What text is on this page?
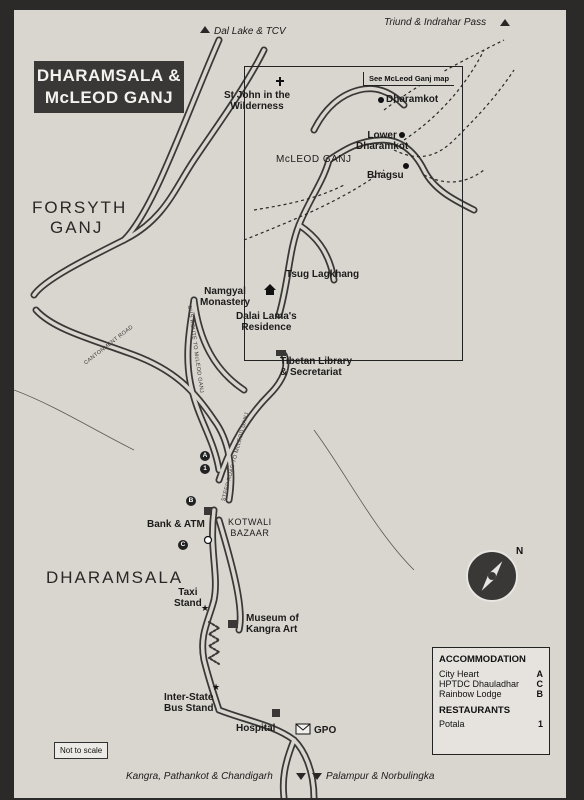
★
★
DHARAMSALA &
McLEOD GANJ
See McLeod Ganj map
Dal Lake & TCV
Triund & Indrahar Pass
Kangra, Pathankot & Chandigarh	Palampur & Norbulingka
FORSYTH
GANJ
McLEOD GANJ
DHARAMSALA
KOTWALI
BAZAAR
St John in the
Wilderness
Dharamkot
Lower
Dharamkot
Bhagsu
Tsug Lagkhang
Namgyal
Monastery
Dalai Lama's
Residence
Tibetan Library
& Secretariat
Bank & ATM
Taxi
Stand
Museum of
Kangra Art
Inter-State
Bus Stand
Hospital	GPO
CANTONMENT ROAD	BUS ROUTE TO McLEOD GANJ
STEEP ROAD TO McLEOD GANJ
A
1
B
C
N
Not to scale
ACCOMMODATION
City Heart	A
HPTDC Dhauladhar C
Rainbow Lodge	B
RESTAURANTS
Potala	1
